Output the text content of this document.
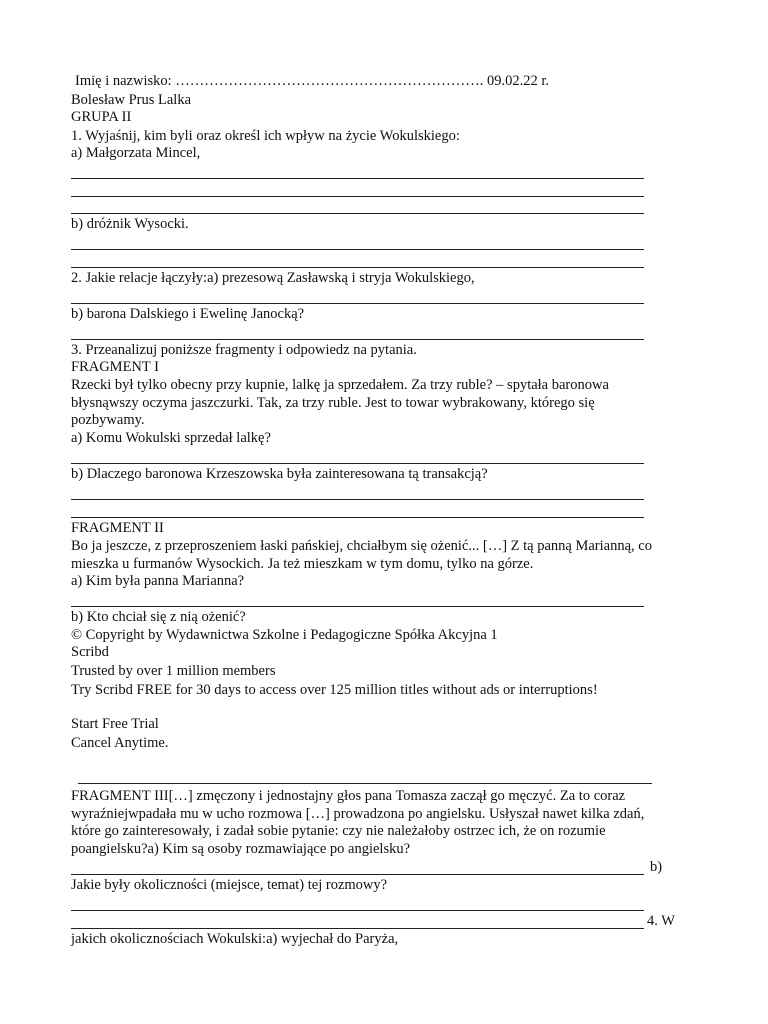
Imię i nazwisko: ………………………………………………………. 09.02.22 r.
Bolesław Prus Lalka
GRUPA II
1. Wyjaśnij, kim byli oraz określ ich wpływ na życie Wokulskiego:
a) Małgorzata Mincel,
b) dróżnik Wysocki.
2. Jakie relacje łączyły:a) prezesową Zasławską i stryja Wokulskiego,
b) barona Dalskiego i Ewelinę Janocką?
3. Przeanalizuj poniższe fragmenty i odpowiedz na pytania.
FRAGMENT I
Rzecki był tylko obecny przy kupnie, lalkę ja sprzedałem. Za trzy ruble? – spytała baronowa
błysnąwszy oczyma jaszczurki. Tak, za trzy ruble. Jest to towar wybrakowany, którego się
pozbywamy.
a) Komu Wokulski sprzedał lalkę?
b) Dlaczego baronowa Krzeszowska była zainteresowana tą transakcją?
FRAGMENT II
Bo ja jeszcze, z przeproszeniem łaski pańskiej, chciałbym się ożenić... […] Z tą panną Marianną, co
mieszka u furmanów Wysockich. Ja też mieszkam w tym domu, tylko na górze.
a) Kim była panna Marianna?
b) Kto chciał się z nią ożenić?
© Copyright by Wydawnictwa Szkolne i Pedagogiczne Spółka Akcyjna 1
Scribd
Trusted by over 1 million members
Try Scribd FREE for 30 days to access over 125 million titles without ads or interruptions!
Start Free Trial
Cancel Anytime.
FRAGMENT III[…] zmęczony i jednostajny głos pana Tomasza zaczął go męczyć. Za to coraz
wyraźniejwpadała mu w ucho rozmowa […] prowadzona po angielsku. Usłyszał nawet kilka zdań,
które go zainteresowały, i zadał sobie pytanie: czy nie należałoby ostrzec ich, że on rozumie
poangielsku?a) Kim są osoby rozmawiające po angielsku?
b)
Jakie były okoliczności (miejsce, temat) tej rozmowy?
4. W
jakich okolicznościach Wokulski:a) wyjechał do Paryża,
